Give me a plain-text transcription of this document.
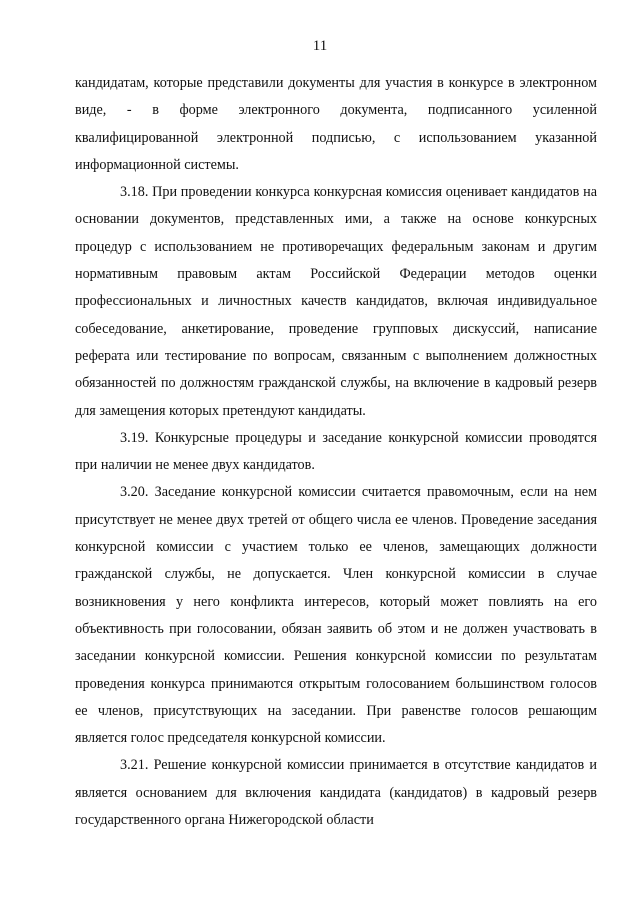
11

кандидатам, которые представили документы для участия в конкурсе в электронном виде, - в форме электронного документа, подписанного усиленной квалифицированной электронной подписью, с использованием указанной информационной системы.

3.18. При проведении конкурса конкурсная комиссия оценивает кандидатов на основании документов, представленных ими, а также на основе конкурсных процедур с использованием не противоречащих федеральным законам и другим нормативным правовым актам Российской Федерации методов оценки профессиональных и личностных качеств кандидатов, включая индивидуальное собеседование, анкетирование, проведение групповых дискуссий, написание реферата или тестирование по вопросам, связанным с выполнением должностных обязанностей по должностям гражданской службы, на включение в кадровый резерв для замещения которых претендуют кандидаты.

3.19. Конкурсные процедуры и заседание конкурсной комиссии проводятся при наличии не менее двух кандидатов.

3.20. Заседание конкурсной комиссии считается правомочным, если на нем присутствует не менее двух третей от общего числа ее членов. Проведение заседания конкурсной комиссии с участием только ее членов, замещающих должности гражданской службы, не допускается. Член конкурсной комиссии в случае возникновения у него конфликта интересов, который может повлиять на его объективность при голосовании, обязан заявить об этом и не должен участвовать в заседании конкурсной комиссии. Решения конкурсной комиссии по результатам проведения конкурса принимаются открытым голосованием большинством голосов ее членов, присутствующих на заседании. При равенстве голосов решающим является голос председателя конкурсной комиссии.

3.21. Решение конкурсной комиссии принимается в отсутствие кандидатов и является основанием для включения кандидата (кандидатов) в кадровый резерв государственного органа Нижегородской области
